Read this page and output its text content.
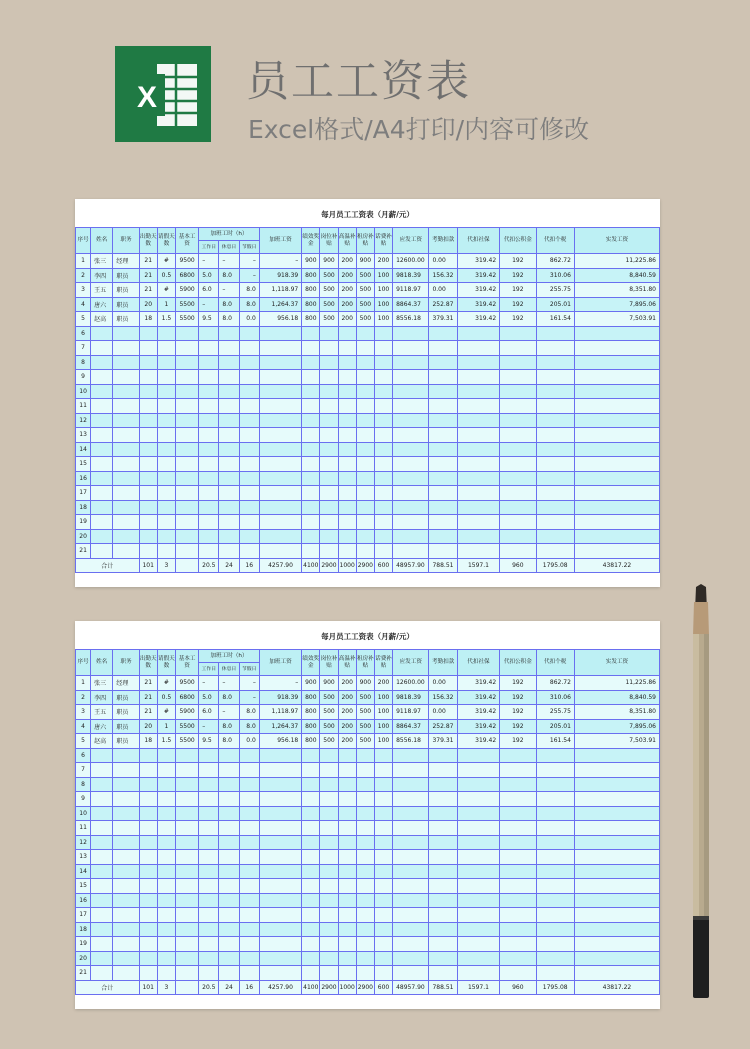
X 员工工资表
Excel格式/A4打印/内容可修改
每月员工工资表（月薪/元）
序号	姓名	职务	出勤天数	请假天数	基本工资	加班工时（h）			加班工资	绩效奖金	岗位补贴	高温补贴	租房补贴	话费补贴	应发工资	考勤扣款	代扣社保	代扣公积金	代扣个税	实发工资
						工作日	休息日	节假日												
1	张三	经理	21	#	9500	–	–	–	–	900	900	200	900	200	12600.00	0.00	319.42	192	862.72	11,225.86
2	李四	职员	21	0.5	6800	5.0	8.0	–	918.39	800	500	200	500	100	9818.39	156.32	319.42	192	310.06	8,840.59
3	王五	职员	21	#	5900	6.0	–	8.0	1,118.97	800	500	200	500	100	9118.97	0.00	319.42	192	255.75	8,351.80
4	唐六	职员	20	1	5500	–	8.0	8.0	1,264.37	800	500	200	500	100	8864.37	252.87	319.42	192	205.01	7,895.06
5	赵高	职员	18	1.5	5500	9.5	8.0	0.0	956.18	800	500	200	500	100	8556.18	379.31	319.42	192	161.54	7,503.91
6																				
7																				
8																				
9																				
10																				
11																				
12																				
13																				
14																				
15																				
16																				
17																				
18																				
19																				
20																				
21																				
合计			101	3		20.5	24	16	4257.90	4100	2900	1000	2900	600	48957.90	788.51	1597.1	960	1795.08	43817.22
每月员工工资表（月薪/元）
序号	姓名	职务	出勤天数	请假天数	基本工资	加班工时（h）			加班工资	绩效奖金	岗位补贴	高温补贴	租房补贴	话费补贴	应发工资	考勤扣款	代扣社保	代扣公积金	代扣个税	实发工资
						工作日	休息日	节假日												
1	张三	经理	21	#	9500	–	–	–	–	900	900	200	900	200	12600.00	0.00	319.42	192	862.72	11,225.86
2	李四	职员	21	0.5	6800	5.0	8.0	–	918.39	800	500	200	500	100	9818.39	156.32	319.42	192	310.06	8,840.59
3	王五	职员	21	#	5900	6.0	–	8.0	1,118.97	800	500	200	500	100	9118.97	0.00	319.42	192	255.75	8,351.80
4	唐六	职员	20	1	5500	–	8.0	8.0	1,264.37	800	500	200	500	100	8864.37	252.87	319.42	192	205.01	7,895.06
5	赵高	职员	18	1.5	5500	9.5	8.0	0.0	956.18	800	500	200	500	100	8556.18	379.31	319.42	192	161.54	7,503.91
6																				
7																				
8																				
9																				
10																				
11																				
12																				
13																				
14																				
15																				
16																				
17																				
18																				
19																				
20																				
21																				
合计			101	3		20.5	24	16	4257.90	4100	2900	1000	2900	600	48957.90	788.51	1597.1	960	1795.08	43817.22
